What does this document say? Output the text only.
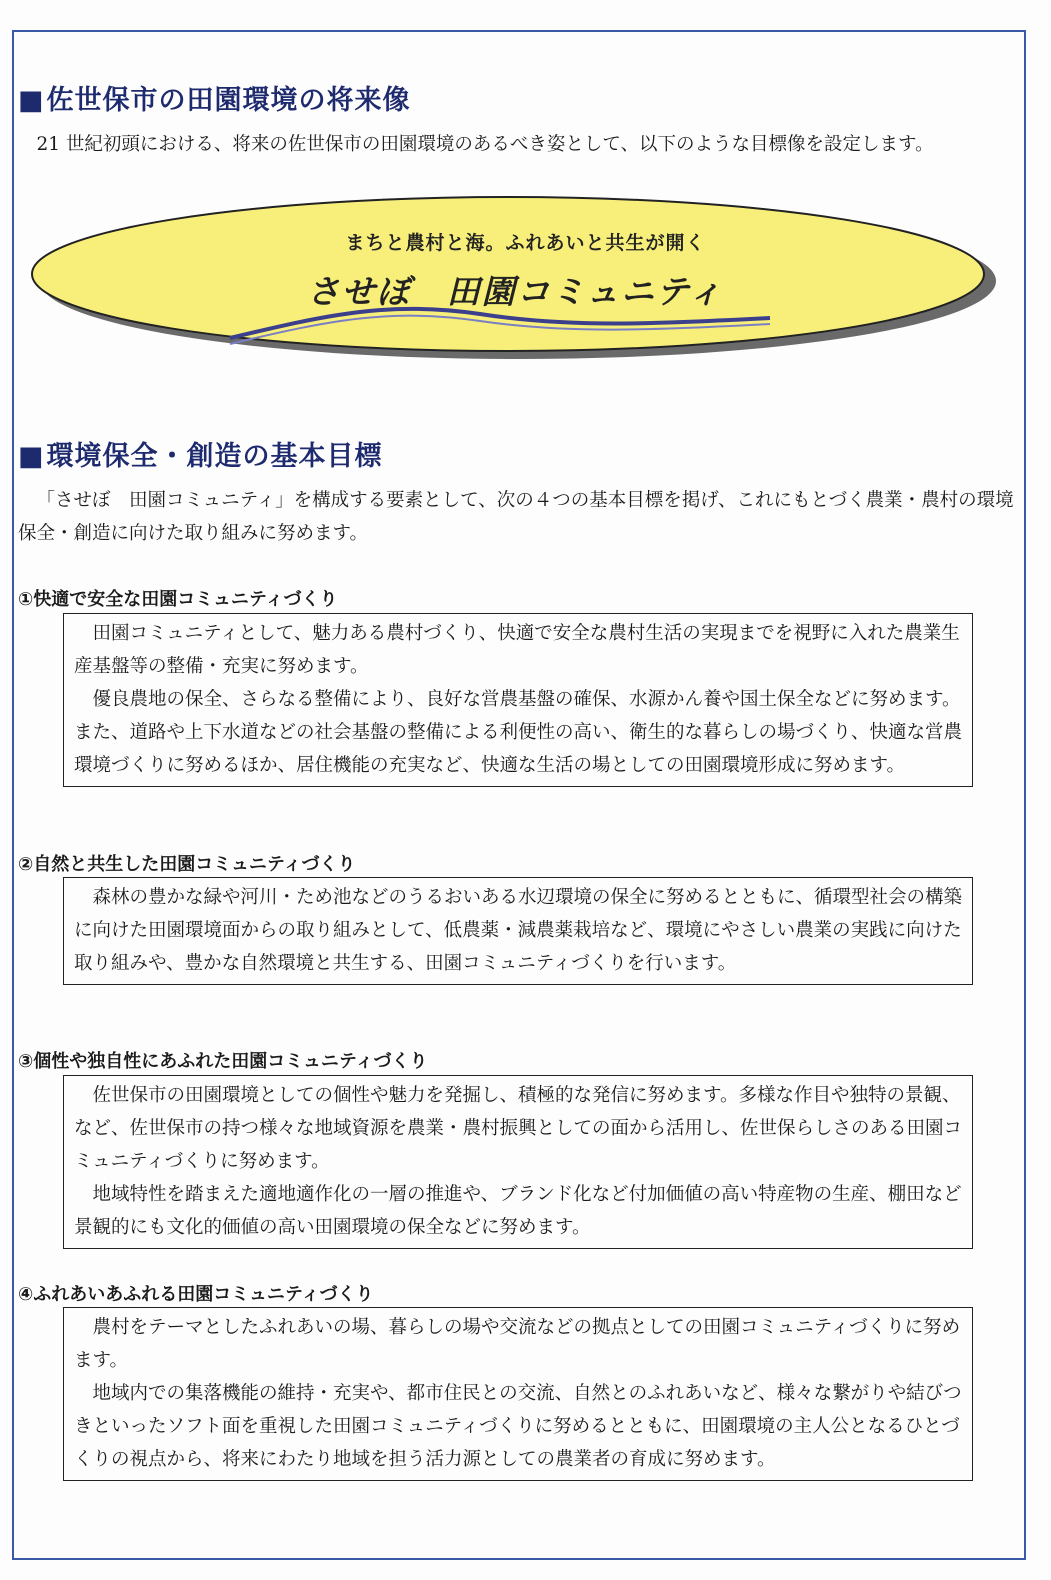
■佐世保市の田園環境の将来像

21 世紀初頭における、将来の佐世保市の田園環境のあるべき姿として、以下のような目標像を設定します。

まちと農村と海。ふれあいと共生が開く
させぼ　田園コミュニティ
■環境保全・創造の基本目標

「させぼ　田園コミュニティ」を構成する要素として、次の４つの基本目標を掲げ、これにもとづく農業・農村の環境保全・創造に向けた取り組みに努めます。

①快適で安全な田園コミュニティづくり

田園コミュニティとして、魅力ある農村づくり、快適で安全な農村生活の実現までを視野に入れた農業生産基盤等の整備・充実に努めます。

優良農地の保全、さらなる整備により、良好な営農基盤の確保、水源かん養や国土保全などに努めます。また、道路や上下水道などの社会基盤の整備による利便性の高い、衛生的な暮らしの場づくり、快適な営農環境づくりに努めるほか、居住機能の充実など、快適な生活の場としての田園環境形成に努めます。

②自然と共生した田園コミュニティづくり

森林の豊かな緑や河川・ため池などのうるおいある水辺環境の保全に努めるとともに、循環型社会の構築に向けた田園環境面からの取り組みとして、低農薬・減農薬栽培など、環境にやさしい農業の実践に向けた取り組みや、豊かな自然環境と共生する、田園コミュニティづくりを行います。

③個性や独自性にあふれた田園コミュニティづくり

佐世保市の田園環境としての個性や魅力を発掘し、積極的な発信に努めます。多様な作目や独特の景観、など、佐世保市の持つ様々な地域資源を農業・農村振興としての面から活用し、佐世保らしさのある田園コミュニティづくりに努めます。

地域特性を踏まえた適地適作化の一層の推進や、ブランド化など付加価値の高い特産物の生産、棚田など景観的にも文化的価値の高い田園環境の保全などに努めます。

④ふれあいあふれる田園コミュニティづくり

農村をテーマとしたふれあいの場、暮らしの場や交流などの拠点としての田園コミュニティづくりに努めます。

地域内での集落機能の維持・充実や、都市住民との交流、自然とのふれあいなど、様々な繋がりや結びつきといったソフト面を重視した田園コミュニティづくりに努めるとともに、田園環境の主人公となるひとづくりの視点から、将来にわたり地域を担う活力源としての農業者の育成に努めます。
